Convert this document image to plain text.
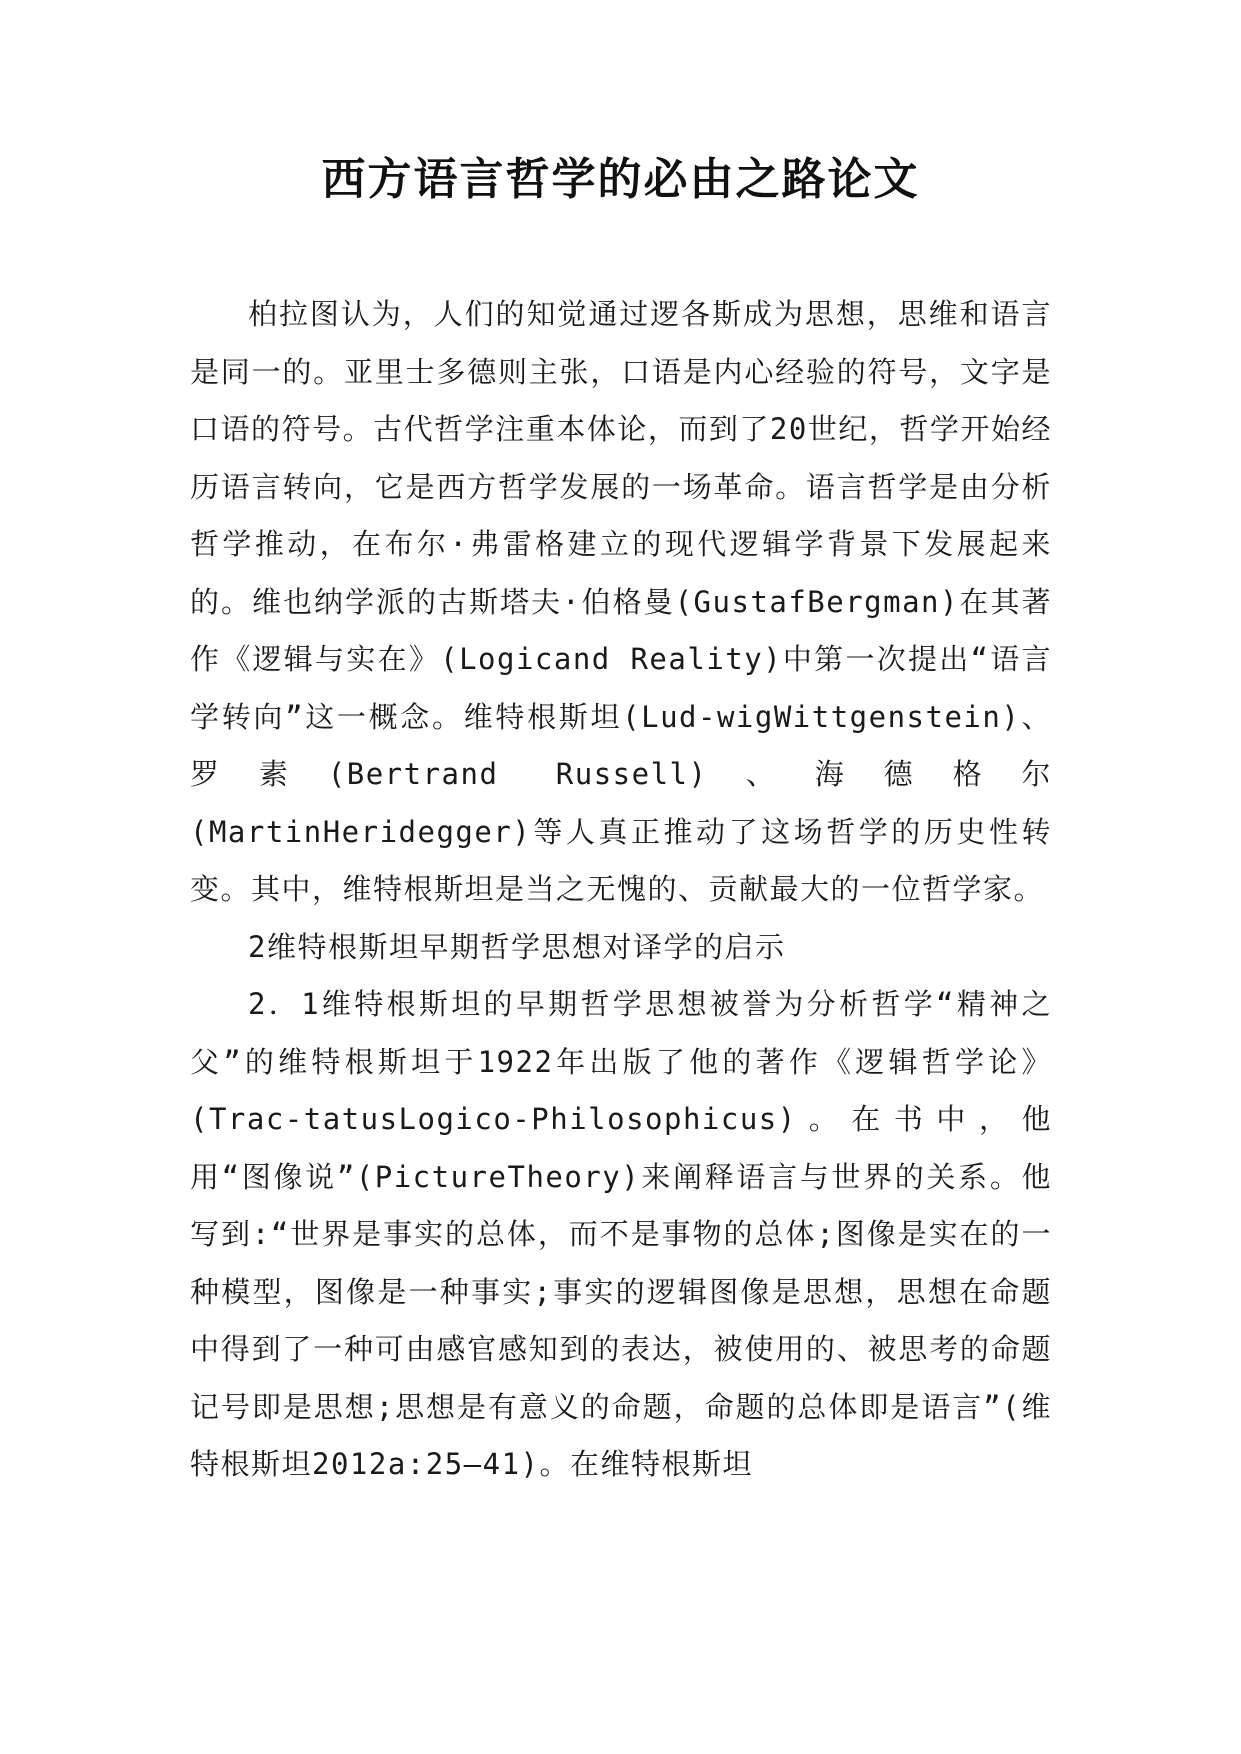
西方语言哲学的必由之路论文

柏拉图认为，人们的知觉通过逻各斯成为思想，思维和语言是同一的。亚里士多德则主张，口语是内心经验的符号，文字是口语的符号。古代哲学注重本体论，而到了20世纪，哲学开始经历语言转向，它是西方哲学发展的一场革命。语言哲学是由分析哲学推动，在布尔·弗雷格建立的现代逻辑学背景下发展起来的。维也纳学派的古斯塔夫·伯格曼(GustafBergman)在其著作《逻辑与实在》(Logicand Reality)中第一次提出“语言学转向”这一概念。维特根斯坦(Lud-wigWittgenstein)、罗素(Bertrand Russell)、海德格尔(MartinHeridegger)等人真正推动了这场哲学的历史性转变。其中，维特根斯坦是当之无愧的、贡献最大的一位哲学家。

2维特根斯坦早期哲学思想对译学的启示

2．1维特根斯坦的早期哲学思想被誉为分析哲学“精神之父”的维特根斯坦于1922年出版了他的著作《逻辑哲学论》(Trac-tatusLogico-Philosophicus)。在书中，他用“图像说”(PictureTheory)来阐释语言与世界的关系。他写到:“世界是事实的总体，而不是事物的总体;图像是实在的一种模型，图像是一种事实;事实的逻辑图像是思想，思想在命题中得到了一种可由感官感知到的表达，被使用的、被思考的命题记号即是思想;思想是有意义的命题，命题的总体即是语言”(维特根斯坦2012a:25—41)。在维特根斯坦
